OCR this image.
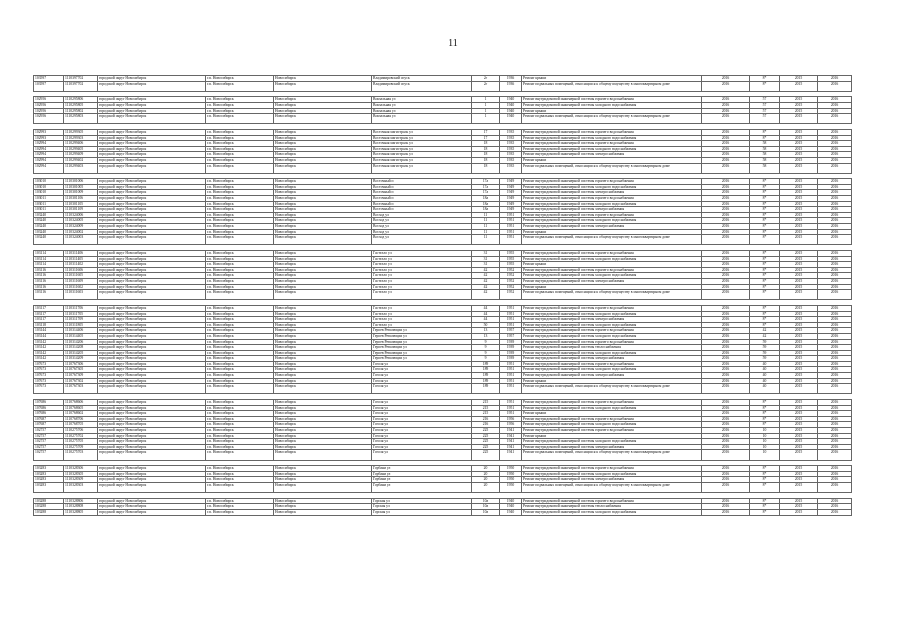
11
103597	1110397702	городской округ Новосибирск	г.п. Новосибирск	Новосибирск	Владимировский спуск	2г	1936	Ремонт крыши	2016	8*	2015	2016
103597	1110397702	городской округ Новосибирск	г.п. Новосибирск	Новосибирск	Владимировский спуск	2г	1936	Ремонт подвальных помещений, относящихся к общему имуществу в многоквартирном доме	2016	8*	2015	2016

102956	1110295806	городской округ Новосибирск	г.п. Новосибирск	Новосибирск	Вокзальная ул	1	1940	Ремонт внутридомовой инженерной системы горячего водоснабжения	2016	57	2015	2016
102956	1110295805	городской округ Новосибирск	г.п. Новосибирск	Новосибирск	Вокзальная ул	1	1940	Ремонт внутридомовой инженерной системы холодного водоснабжения	2016	57	2015	2016
102956	1110295802	городской округ Новосибирск	г.п. Новосибирск	Новосибирск	Вокзальная ул	1	1940	Ремонт крыши	2016	57	2015	2016
102956	1110295803	городской округ Новосибирск	г.п. Новосибирск	Новосибирск	Вокзальная ул	1	1940	Ремонт подвальных помещений, относящихся к общему имуществу в многоквартирном доме	2016	57	2015	2016

102993	1110299305	городской округ Новосибирск	г.п. Новосибирск	Новосибирск	Восточная магистраль ул	17	1935	Ремонт внутридомовой инженерной системы горячего водоснабжения	2016	8*	2015	2016
102993	1110299303	городской округ Новосибирск	г.п. Новосибирск	Новосибирск	Восточная магистраль ул	17	1935	Ремонт внутридомовой инженерной системы холодного водоснабжения	2016	8*	2015	2016
102994	1110299406	городской округ Новосибирск	г.п. Новосибирск	Новосибирск	Восточная магистраль ул	18	1935	Ремонт внутридомовой инженерной системы горячего водоснабжения	2016	58	2015	2016
102994	1110299405	городской округ Новосибирск	г.п. Новосибирск	Новосибирск	Восточная магистраль ул	18	1935	Ремонт внутридомовой инженерной системы холодного водоснабжения	2016	58	2015	2016
102994	1110299409	городской округ Новосибирск	г.п. Новосибирск	Новосибирск	Восточная магистраль ул	18	1935	Ремонт внутридомовой инженерной системы электроснабжения	2016	58	2015	2016
102994	1110299402	городской округ Новосибирск	г.п. Новосибирск	Новосибирск	Восточная магистраль ул	18	1935	Ремонт крыши	2016	58	2015	2016
102994	1110299403	городской округ Новосибирск	г.п. Новосибирск	Новосибирск	Восточная магистраль ул	18	1935	Ремонт подвальных помещений, относящихся к общему имуществу в многоквартирном доме	2016	58	2015	2016

103010	1110301006	городской округ Новосибирск	г.п. Новосибирск	Новосибирск	Восточный п	17а	1949	Ремонт внутридомовой инженерной системы горячего водоснабжения	2016	8*	2015	2016
103010	1110301005	городской округ Новосибирск	г.п. Новосибирск	Новосибирск	Восточный п	17а	1949	Ремонт внутридомовой инженерной системы холодного водоснабжения	2016	8*	2015	2016
103010	1110301009	городской округ Новосибирск	г.п. Новосибирск	Новосибирск	Восточный п	17а	1949	Ремонт внутридомовой инженерной системы электроснабжения	2016	8*	2015	2016
103011	1110301106	городской округ Новосибирск	г.п. Новосибирск	Новосибирск	Восточный п	18а	1949	Ремонт внутридомовой инженерной системы горячего водоснабжения	2016	8*	2015	2016
103011	1110301105	городской округ Новосибирск	г.п. Новосибирск	Новосибирск	Восточный п	18а	1949	Ремонт внутридомовой инженерной системы холодного водоснабжения	2016	8*	2015	2016
103011	1110301109	городской округ Новосибирск	г.п. Новосибирск	Новосибирск	Восточный п	18а	1949	Ремонт внутридомовой инженерной системы электроснабжения	2016	8*	2015	2016
103240	1110324006	городской округ Новосибирск	г.п. Новосибирск	Новосибирск	Восход ул	11	1951	Ремонт внутридомовой инженерной системы горячего водоснабжения	2016	8*	2015	2016
103240	1110324005	городской округ Новосибирск	г.п. Новосибирск	Новосибирск	Восход ул	11	1951	Ремонт внутридомовой инженерной системы холодного водоснабжения	2016	8*	2015	2016
103240	1110324009	городской округ Новосибирск	г.п. Новосибирск	Новосибирск	Восход ул	11	1951	Ремонт внутридомовой инженерной системы электроснабжения	2016	8*	2015	2016
103240	1110324002	городской округ Новосибирск	г.п. Новосибирск	Новосибирск	Восход ул	11	1951	Ремонт крыши	2016	8*	2015	2016
103240	1110324003	городской округ Новосибирск	г.п. Новосибирск	Новосибирск	Восход ул	11	1951	Ремонт подвальных помещений, относящихся к общему имуществу в многоквартирном доме	2016	8*	2015	2016

103114	1110311406	городской округ Новосибирск	г.п. Новосибирск	Новосибирск	Гастелло ул	31	1955	Ремонт внутридомовой инженерной системы горячего водоснабжения	2016	8*	2015	2016
103114	1110311405	городской округ Новосибирск	г.п. Новосибирск	Новосибирск	Гастелло ул	31	1955	Ремонт внутридомовой инженерной системы холодного водоснабжения	2016	8*	2015	2016
103114	1110311402	городской округ Новосибирск	г.п. Новосибирск	Новосибирск	Гастелло ул	31	1955	Ремонт крыши	2016	8*	2015	2016
103116	1110311606	городской округ Новосибирск	г.п. Новосибирск	Новосибирск	Гастелло ул	42	1952	Ремонт внутридомовой инженерной системы горячего водоснабжения	2016	8*	2015	2016
103116	1110311605	городской округ Новосибирск	г.п. Новосибирск	Новосибирск	Гастелло ул	42	1952	Ремонт внутридомовой инженерной системы холодного водоснабжения	2016	8*	2015	2016
103116	1110311609	городской округ Новосибирск	г.п. Новосибирск	Новосибирск	Гастелло ул	42	1952	Ремонт внутридомовой инженерной системы электроснабжения	2016	8*	2015	2016
103116	1110311602	городской округ Новосибирск	г.п. Новосибирск	Новосибирск	Гастелло ул	42	1952	Ремонт крыши	2016	8*	2015	2016
103116	1110311603	городской округ Новосибирск	г.п. Новосибирск	Новосибирск	Гастелло ул	42	1952	Ремонт подвальных помещений, относящихся к общему имуществу в многоквартирном доме	2016	8*	2015	2016

103117	1110311706	городской округ Новосибирск	г.п. Новосибирск	Новосибирск	Гастелло ул	44	1951	Ремонт внутридомовой инженерной системы горячего водоснабжения	2016	8*	2015	2016
103117	1110311705	городской округ Новосибирск	г.п. Новосибирск	Новосибирск	Гастелло ул	44	1951	Ремонт внутридомовой инженерной системы холодного водоснабжения	2016	8*	2015	2016
103117	1110311709	городской округ Новосибирск	г.п. Новосибирск	Новосибирск	Гастелло ул	44	1951	Ремонт внутридомовой инженерной системы электроснабжения	2016	8*	2015	2016
103118	1110311805	городской округ Новосибирск	г.п. Новосибирск	Новосибирск	Гастелло ул	50	1951	Ремонт внутридомовой инженерной системы холодного водоснабжения	2016	8*	2015	2016
103144	1110314406	городской округ Новосибирск	г.п. Новосибирск	Новосибирск	Героев Революции ул	13	1957	Ремонт внутридомовой инженерной системы горячего водоснабжения	2016	42	2015	2016
103144	1110314405	городской округ Новосибирск	г.п. Новосибирск	Новосибирск	Героев Революции ул	13	1957	Ремонт внутридомовой инженерной системы холодного водоснабжения	2016	42	2015	2016
103142	1110314206	городской округ Новосибирск	г.п. Новосибирск	Новосибирск	Героев Революции ул	9	1939	Ремонт внутридомовой инженерной системы горячего водоснабжения	2016	59	2015	2016
103142	1110314208	городской округ Новосибирск	г.п. Новосибирск	Новосибирск	Героев Революции ул	9	1939	Ремонт внутридомовой инженерной системы теплоснабжения	2016	59	2015	2016
103142	1110314205	городской округ Новосибирск	г.п. Новосибирск	Новосибирск	Героев Революции ул	9	1939	Ремонт внутридомовой инженерной системы холодного водоснабжения	2016	59	2015	2016
103142	1110314209	городской округ Новосибирск	г.п. Новосибирск	Новосибирск	Героев Революции ул	9	1939	Ремонт внутридомовой инженерной системы электроснабжения	2016	59	2015	2016
107673	1110767306	городской округ Новосибирск	г.п. Новосибирск	Новосибирск	Гоголя ул	189	1951	Ремонт внутридомовой инженерной системы горячего водоснабжения	2016	40	2015	2016
107673	1110767305	городской округ Новосибирск	г.п. Новосибирск	Новосибирск	Гоголя ул	189	1951	Ремонт внутридомовой инженерной системы холодного водоснабжения	2016	40	2015	2016
107673	1110767309	городской округ Новосибирск	г.п. Новосибирск	Новосибирск	Гоголя ул	189	1951	Ремонт внутридомовой инженерной системы электроснабжения	2016	40	2015	2016
107673	1110767302	городской округ Новосибирск	г.п. Новосибирск	Новосибирск	Гоголя ул	189	1951	Ремонт крыши	2016	40	2015	2016
107673	1110767303	городской округ Новосибирск	г.п. Новосибирск	Новосибирск	Гоголя ул	189	1951	Ремонт подвальных помещений, относящихся к общему имуществу в многоквартирном доме	2016	40	2015	2016

107686	1110768606	городской округ Новосибирск	г.п. Новосибирск	Новосибирск	Гоголя ул	215	1951	Ремонт внутридомовой инженерной системы горячего водоснабжения	2016	8*	2015	2016
107686	1110768605	городской округ Новосибирск	г.п. Новосибирск	Новосибирск	Гоголя ул	215	1951	Ремонт внутридомовой инженерной системы холодного водоснабжения	2016	8*	2015	2016
107686	1110768602	городской округ Новосибирск	г.п. Новосибирск	Новосибирск	Гоголя ул	215	1951	Ремонт крыши	2016	8*	2015	2016
107687	1110768706	городской округ Новосибирск	г.п. Новосибирск	Новосибирск	Гоголя ул	216	1956	Ремонт внутридомовой инженерной системы горячего водоснабжения	2016	8*	2015	2016
107687	1110768705	городской округ Новосибирск	г.п. Новосибирск	Новосибирск	Гоголя ул	216	1956	Ремонт внутридомовой инженерной системы холодного водоснабжения	2016	8*	2015	2016
102757	1110275706	городской округ Новосибирск	г.п. Новосибирск	Новосибирск	Гоголя ул	225	1941	Ремонт внутридомовой инженерной системы горячего водоснабжения	2016	10	2015	2016
102757	1110275702	городской округ Новосибирск	г.п. Новосибирск	Новосибирск	Гоголя ул	225	1941	Ремонт крыши	2016	10	2015	2016
102757	1110275705	городской округ Новосибирск	г.п. Новосибирск	Новосибирск	Гоголя ул	225	1941	Ремонт внутридомовой инженерной системы холодного водоснабжения	2016	10	2015	2016
102757	1110275709	городской округ Новосибирск	г.п. Новосибирск	Новосибирск	Гоголя ул	225	1941	Ремонт внутридомовой инженерной системы электроснабжения	2016	10	2015	2016
102757	1110275703	городской округ Новосибирск	г.п. Новосибирск	Новосибирск	Гоголя ул	225	1941	Ремонт подвальных помещений, относящихся к общему имуществу в многоквартирном доме	2016	10	2015	2016

103283	1110328306	городской округ Новосибирск	г.п. Новосибирск	Новосибирск	Горбани ул	20	1950	Ремонт внутридомовой инженерной системы горячего водоснабжения	2016	8*	2015	2016
103283	1110328305	городской округ Новосибирск	г.п. Новосибирск	Новосибирск	Горбани ул	20	1950	Ремонт внутридомовой инженерной системы холодного водоснабжения	2016	8*	2015	2016
103283	1110328309	городской округ Новосибирск	г.п. Новосибирск	Новосибирск	Горбани ул	20	1950	Ремонт внутридомовой инженерной системы электроснабжения	2016	8*	2015	2016
103283	1110328303	городской округ Новосибирск	г.п. Новосибирск	Новосибирск	Горбани ул	20	1950	Ремонт подвальных помещений, относящихся к общему имуществу в многоквартирном доме	2016	8*	2015	2016

103288	1110328806	городской округ Новосибирск	г.п. Новосибирск	Новосибирск	Горская ул	10а	1940	Ремонт внутридомовой инженерной системы горячего водоснабжения	2016	8*	2015	2016
103288	1110328808	городской округ Новосибирск	г.п. Новосибирск	Новосибирск	Горская ул	10а	1940	Ремонт внутридомовой инженерной системы теплоснабжения	2016	8*	2015	2016
103288	1110328805	городской округ Новосибирск	г.п. Новосибирск	Новосибирск	Горская ул	10а	1940	Ремонт внутридомовой инженерной системы холодного водоснабжения	2016	8*	2015	2016
